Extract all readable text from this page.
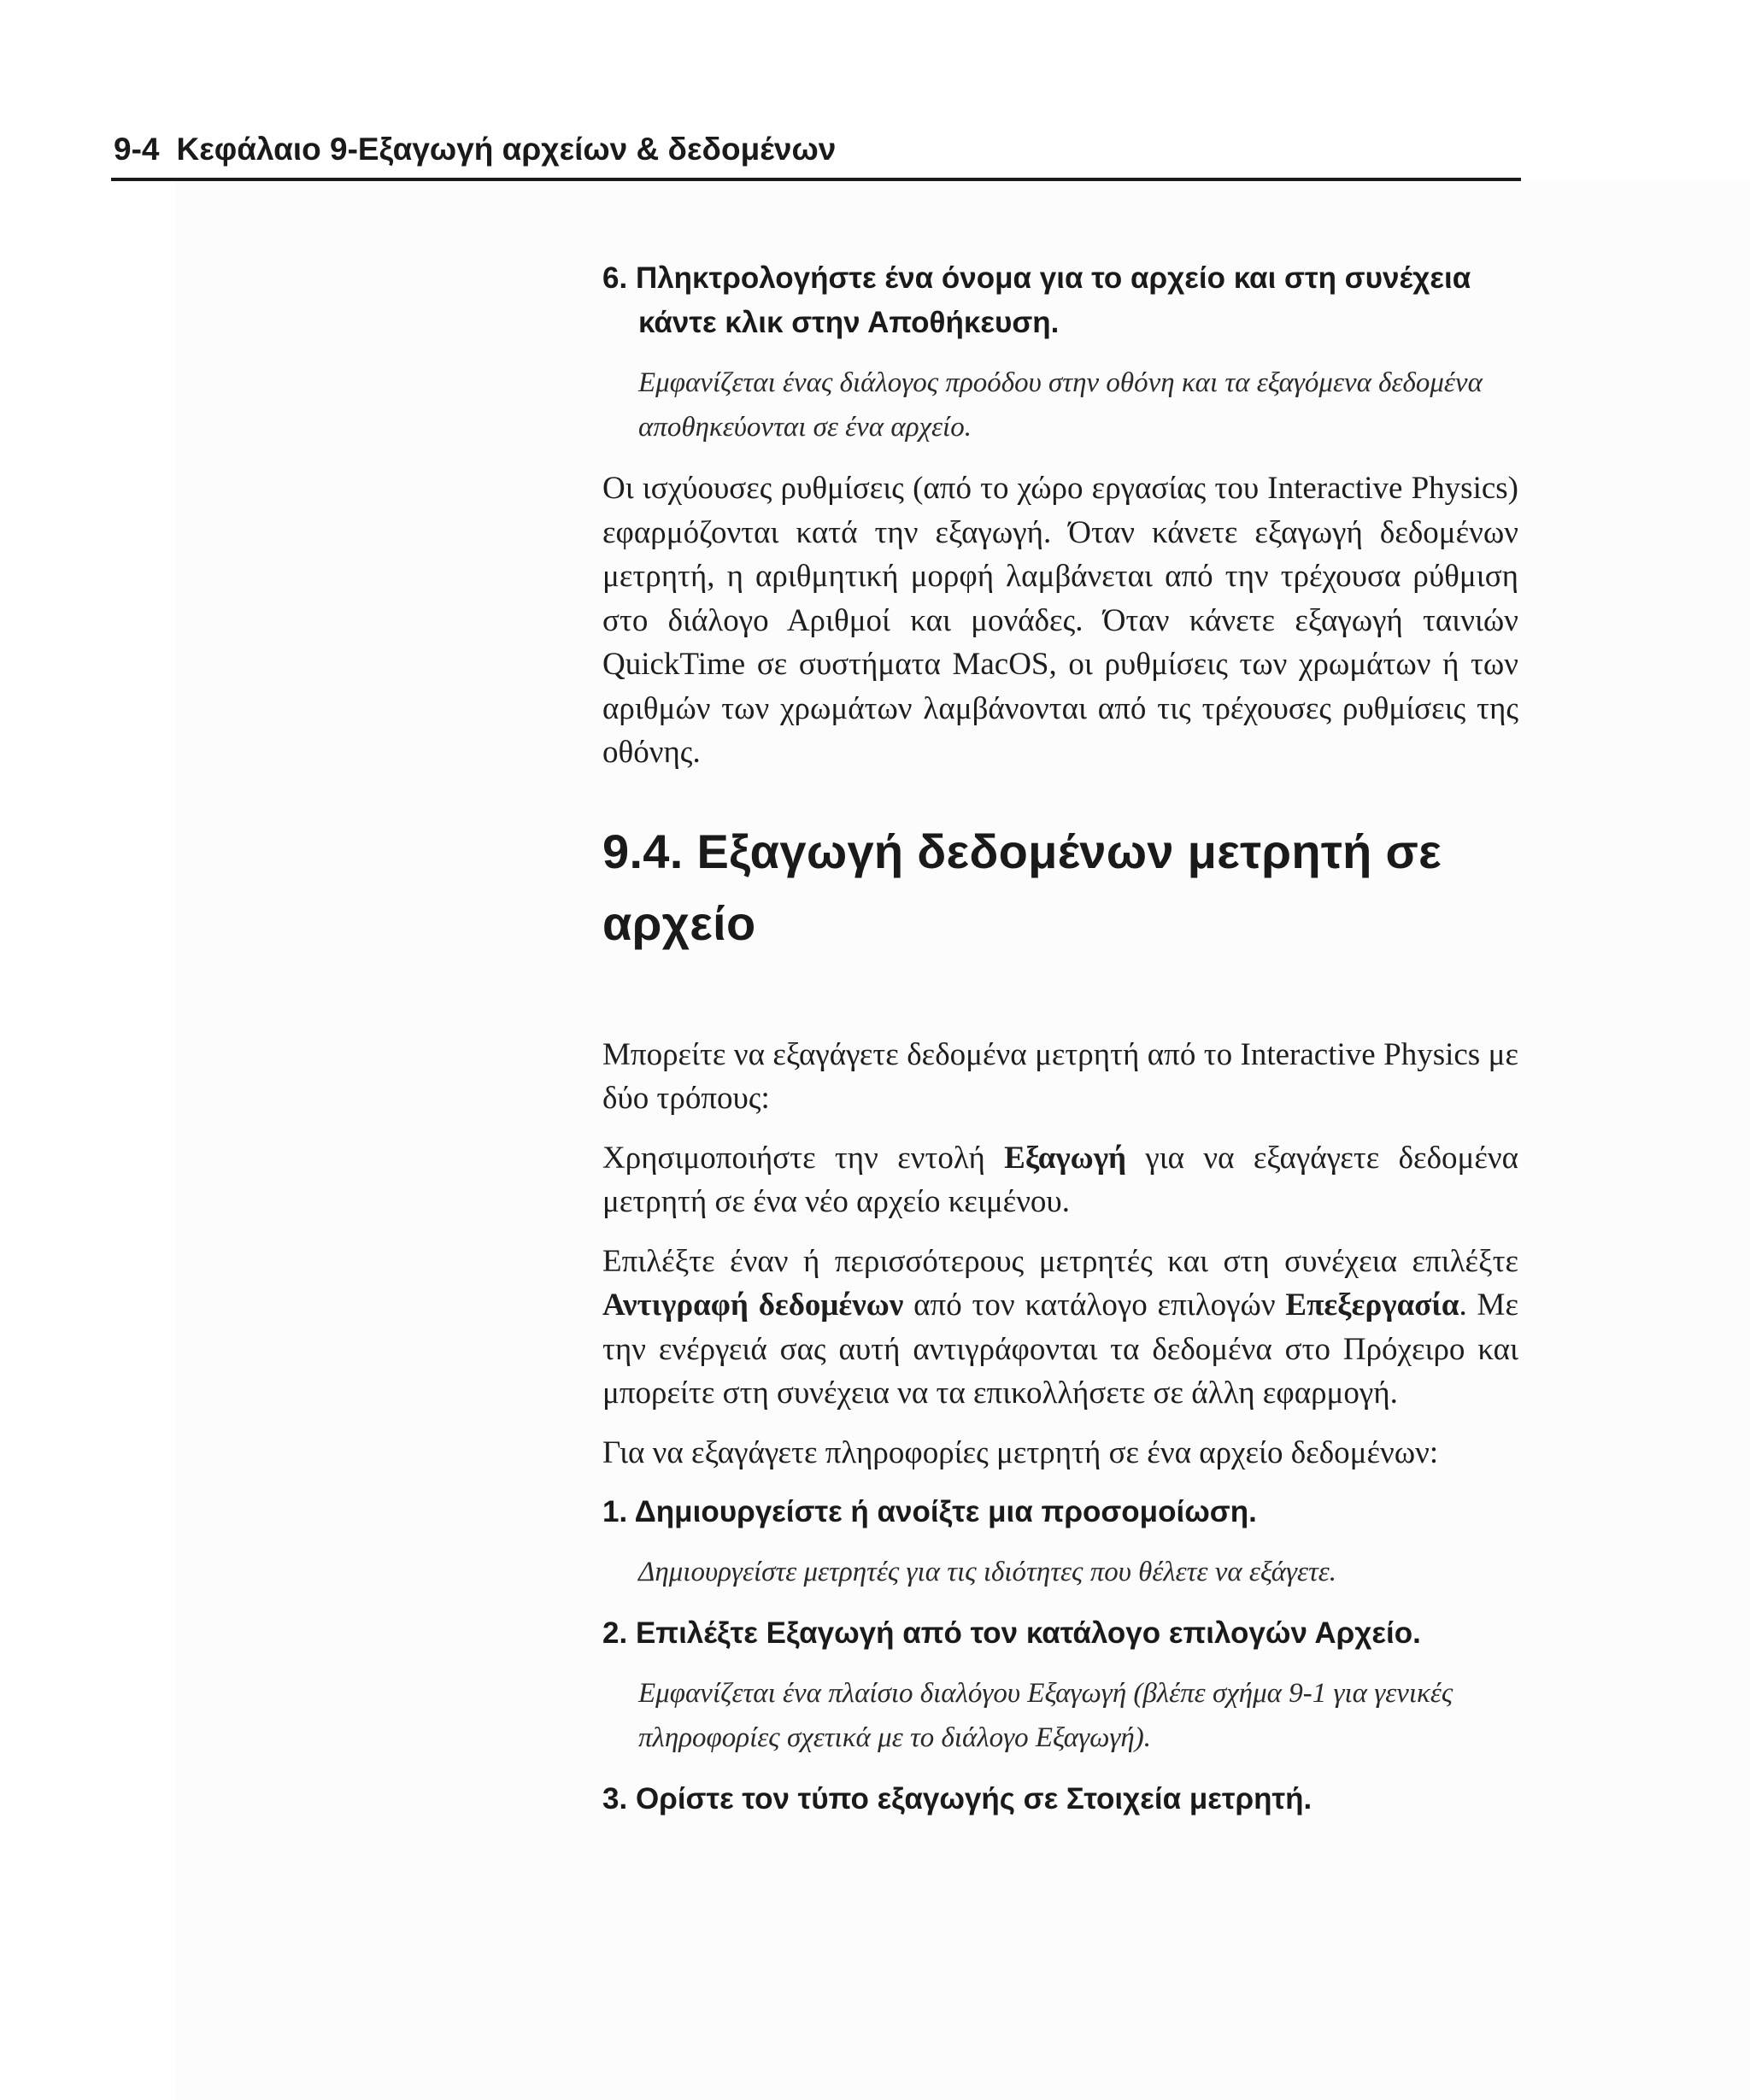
9-4 Κεφάλαιο 9-Εξαγωγή αρχείων & δεδομένων

6. Πληκτρολογήστε ένα όνομα για το αρχείο και στη συνέχεια κάντε κλικ στην Αποθήκευση.

Εμφανίζεται ένας διάλογος προόδου στην οθόνη και τα εξαγόμενα δεδομένα αποθηκεύονται σε ένα αρχείο.

Οι ισχύουσες ρυθμίσεις (από το χώρο εργασίας του Interactive Physics) εφαρμόζονται κατά την εξαγωγή. Όταν κάνετε εξαγωγή δεδομένων μετρητή, η αριθμητική μορφή λαμβάνεται από την τρέχουσα ρύθμιση στο διάλογο Αριθμοί και μονάδες. Όταν κάνετε εξαγωγή ταινιών QuickTime σε συστήματα MacOS, οι ρυθμίσεις των χρωμάτων ή των αριθμών των χρωμάτων λαμβάνονται από τις τρέχουσες ρυθμίσεις της οθόνης.

9.4. Εξαγωγή δεδομένων μετρητή σε αρχείο

Μπορείτε να εξαγάγετε δεδομένα μετρητή από το Interactive Physics με δύο τρόπους:

Χρησιμοποιήστε την εντολή Εξαγωγή για να εξαγάγετε δεδομένα μετρητή σε ένα νέο αρχείο κειμένου.

Επιλέξτε έναν ή περισσότερους μετρητές και στη συνέχεια επιλέξτε Αντιγραφή δεδομένων από τον κατάλογο επιλογών Επεξεργασία. Με την ενέργειά σας αυτή αντιγράφονται τα δεδομένα στο Πρόχειρο και μπορείτε στη συνέχεια να τα επικολλήσετε σε άλλη εφαρμογή.

Για να εξαγάγετε πληροφορίες μετρητή σε ένα αρχείο δεδομένων:

1. Δημιουργείστε ή ανοίξτε μια προσομοίωση.

Δημιουργείστε μετρητές για τις ιδιότητες που θέλετε να εξάγετε.

2. Επιλέξτε Εξαγωγή από τον κατάλογο επιλογών Αρχείο.

Εμφανίζεται ένα πλαίσιο διαλόγου Εξαγωγή (βλέπε σχήμα 9-1 για γενικές πληροφορίες σχετικά με το διάλογο Εξαγωγή).

3. Ορίστε τον τύπο εξαγωγής σε Στοιχεία μετρητή.
